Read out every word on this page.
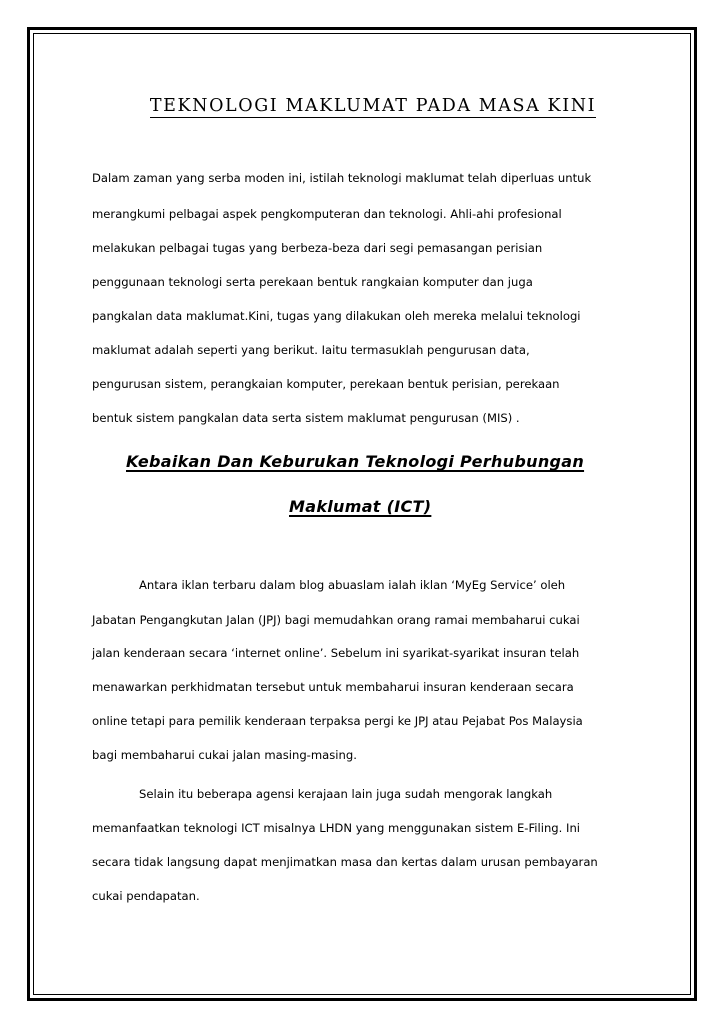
TEKNOLOGI MAKLUMAT PADA MASA KINI
Dalam zaman yang serba moden ini, istilah teknologi maklumat telah diperluas untuk
merangkumi pelbagai aspek pengkomputeran dan teknologi. Ahli-ahi profesional
melakukan pelbagai tugas yang berbeza-beza dari segi pemasangan perisian
penggunaan teknologi serta perekaan bentuk rangkaian komputer dan juga
pangkalan data maklumat.Kini, tugas yang dilakukan oleh mereka melalui teknologi
maklumat adalah seperti yang berikut. Iaitu termasuklah pengurusan data,
pengurusan sistem, perangkaian komputer, perekaan bentuk perisian, perekaan
bentuk sistem pangkalan data serta sistem maklumat pengurusan (MIS) .
Kebaikan Dan Keburukan Teknologi Perhubungan
Maklumat (ICT)
Antara iklan terbaru dalam blog abuaslam ialah iklan ‘MyEg Service’ oleh
Jabatan Pengangkutan Jalan (JPJ) bagi memudahkan orang ramai membaharui cukai
jalan kenderaan secara ‘internet online’. Sebelum ini syarikat-syarikat insuran telah
menawarkan perkhidmatan tersebut untuk membaharui insuran kenderaan secara
online tetapi para pemilik kenderaan terpaksa pergi ke JPJ atau Pejabat Pos Malaysia
bagi membaharui cukai jalan masing-masing.
Selain itu beberapa agensi kerajaan lain juga sudah mengorak langkah
memanfaatkan teknologi ICT misalnya LHDN yang menggunakan sistem E-Filing. Ini
secara tidak langsung dapat menjimatkan masa dan kertas dalam urusan pembayaran
cukai pendapatan.
